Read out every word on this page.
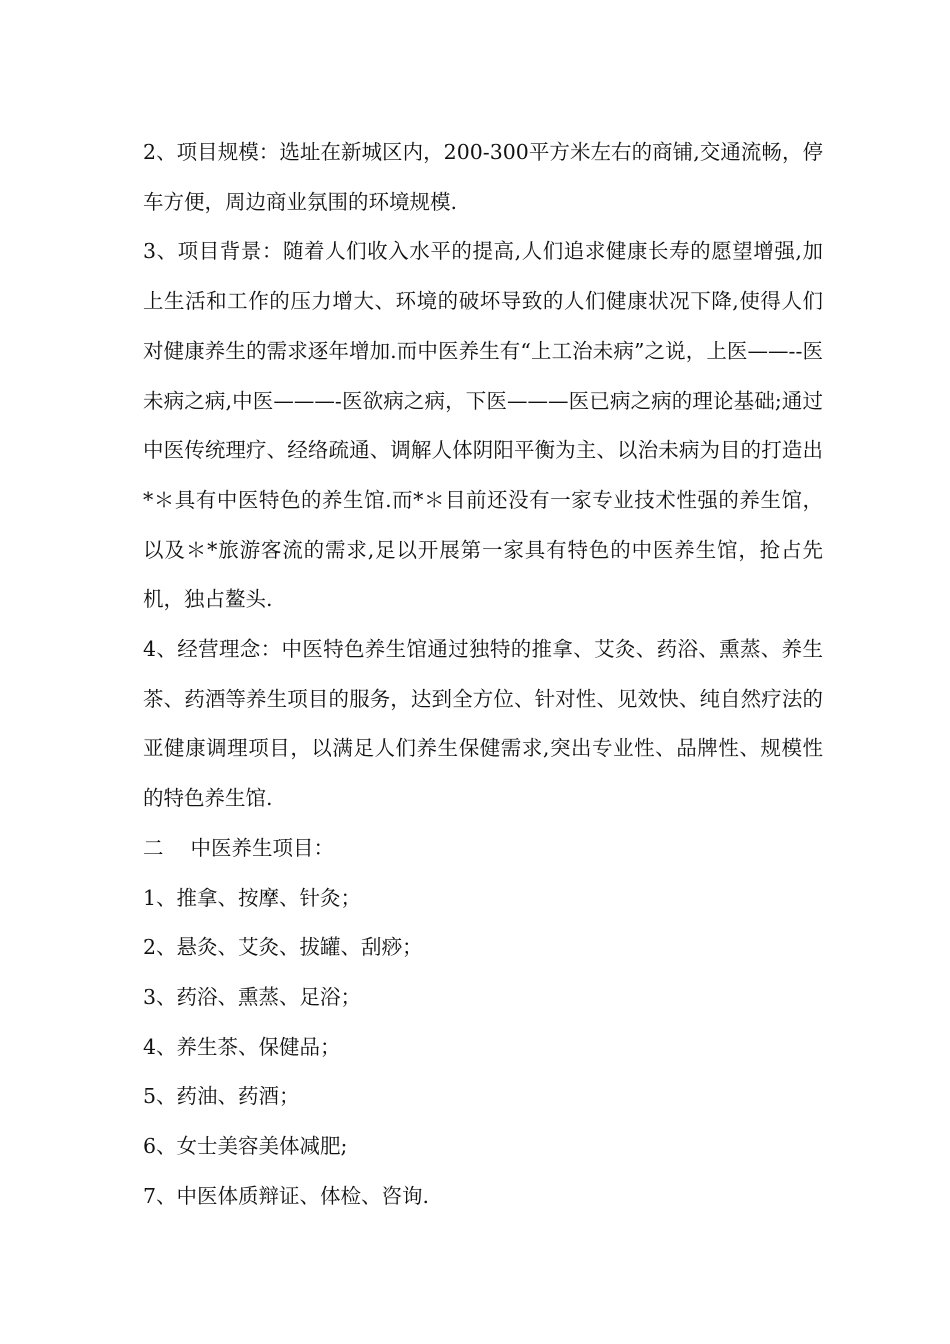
2、项目规模：选址在新城区内，200-300平方米左右的商铺,交通流畅，停车方便，周边商业氛围的环境规模.

3、项目背景：随着人们收入水平的提高,人们追求健康长寿的愿望增强,加上生活和工作的压力增大、环境的破坏导致的人们健康状况下降,使得人们对健康养生的需求逐年增加.而中医养生有“上工治未病”之说，上医——--医未病之病,中医———-医欲病之病，下医———医已病之病的理论基础;通过中医传统理疗、经络疏通、调解人体阴阳平衡为主、以治未病为目的打造出*＊具有中医特色的养生馆.而*＊目前还没有一家专业技术性强的养生馆，以及＊*旅游客流的需求,足以开展第一家具有特色的中医养生馆，抢占先机，独占鳌头.

4、经营理念：中医特色养生馆通过独特的推拿、艾灸、药浴、熏蒸、养生茶、药酒等养生项目的服务，达到全方位、针对性、见效快、纯自然疗法的亚健康调理项目，以满足人们养生保健需求,突出专业性、品牌性、规模性的特色养生馆.

二　 中医养生项目：

1、推拿、按摩、针灸；

2、悬灸、艾灸、拔罐、刮痧；

3、药浴、熏蒸、足浴；

4、养生茶、保健品；

5、药油、药酒；

6、女士美容美体减肥;

7、中医体质辩证、体检、咨询.
